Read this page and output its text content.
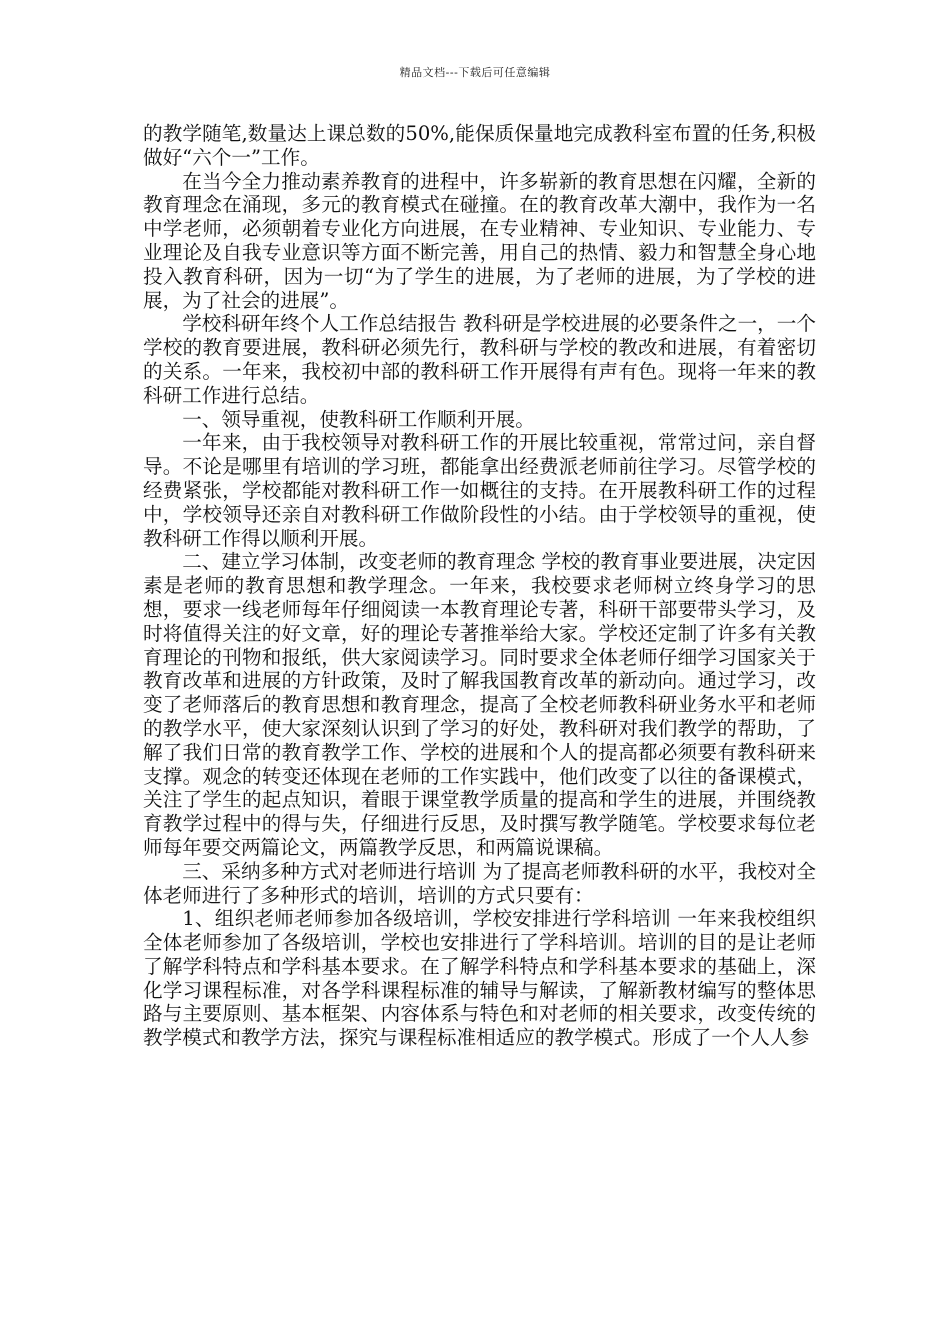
精品文档---下载后可任意编辑

的教学随笔,数量达上课总数的50%,能保质保量地完成教科室布置的任务,积极做好“六个一”工作。

在当今全力推动素养教育的进程中，许多崭新的教育思想在闪耀，全新的教育理念在涌现，多元的教育模式在碰撞。在的教育改革大潮中，我作为一名中学老师，必须朝着专业化方向进展，在专业精神、专业知识、专业能力、专业理论及自我专业意识等方面不断完善，用自己的热情、毅力和智慧全身心地投入教育科研，因为一切“为了学生的进展，为了老师的进展，为了学校的进展，为了社会的进展”。

学校科研年终个人工作总结报告 教科研是学校进展的必要条件之一，一个学校的教育要进展，教科研必须先行，教科研与学校的教改和进展，有着密切的关系。一年来，我校初中部的教科研工作开展得有声有色。现将一年来的教科研工作进行总结。

一、领导重视，使教科研工作顺利开展。

一年来，由于我校领导对教科研工作的开展比较重视，常常过问，亲自督导。不论是哪里有培训的学习班，都能拿出经费派老师前往学习。尽管学校的经费紧张，学校都能对教科研工作一如概往的支持。在开展教科研工作的过程中，学校领导还亲自对教科研工作做阶段性的小结。由于学校领导的重视，使教科研工作得以顺利开展。

二、建立学习体制，改变老师的教育理念 学校的教育事业要进展，决定因素是老师的教育思想和教学理念。一年来，我校要求老师树立终身学习的思想，要求一线老师每年仔细阅读一本教育理论专著，科研干部要带头学习，及时将值得关注的好文章，好的理论专著推举给大家。学校还定制了许多有关教育理论的刊物和报纸，供大家阅读学习。同时要求全体老师仔细学习国家关于教育改革和进展的方针政策，及时了解我国教育改革的新动向。通过学习，改变了老师落后的教育思想和教育理念，提高了全校老师教科研业务水平和老师的教学水平，使大家深刻认识到了学习的好处，教科研对我们教学的帮助，了解了我们日常的教育教学工作、学校的进展和个人的提高都必须要有教科研来支撑。观念的转变还体现在老师的工作实践中，他们改变了以往的备课模式，关注了学生的起点知识，着眼于课堂教学质量的提高和学生的进展，并围绕教育教学过程中的得与失，仔细进行反思，及时撰写教学随笔。学校要求每位老师每年要交两篇论文，两篇教学反思，和两篇说课稿。

三、采纳多种方式对老师进行培训 为了提高老师教科研的水平，我校对全体老师进行了多种形式的培训，培训的方式只要有：

1、组织老师老师参加各级培训，学校安排进行学科培训 一年来我校组织全体老师参加了各级培训，学校也安排进行了学科培训。培训的目的是让老师了解学科特点和学科基本要求。在了解学科特点和学科基本要求的基础上，深化学习课程标准，对各学科课程标准的辅导与解读，了解新教材编写的整体思路与主要原则、基本框架、内容体系与特色和对老师的相关要求，改变传统的教学模式和教学方法，探究与课程标准相适应的教学模式。形成了一个人人参
